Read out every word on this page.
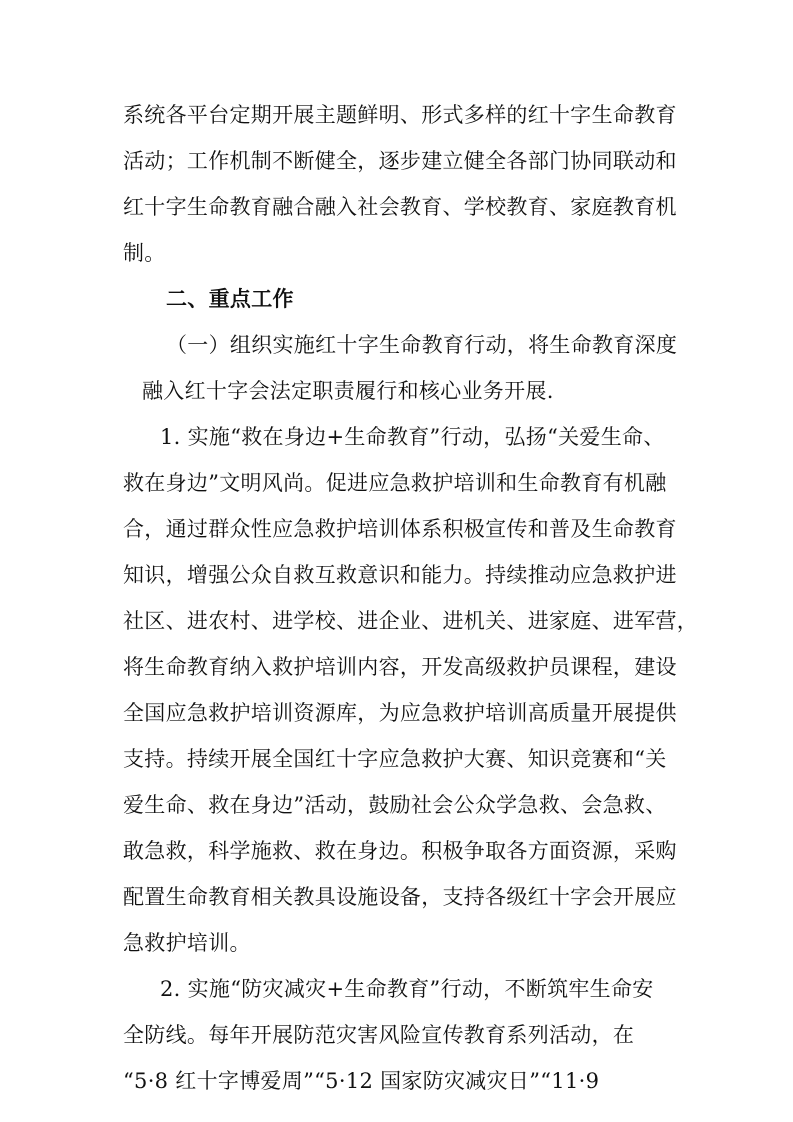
系统各平台定期开展主题鲜明、形式多样的红十字生命教育
活动；工作机制不断健全，逐步建立健全各部门协同联动和
红十字生命教育融合融入社会教育、学校教育、家庭教育机
制。
二、重点工作
（一）组织实施红十字生命教育行动，将生命教育深度
融入红十字会法定职责履行和核心业务开展.
1. 实施“救在身边+生命教育”行动，弘扬“关爱生命、
救在身边”文明风尚。促进应急救护培训和生命教育有机融
合，通过群众性应急救护培训体系积极宣传和普及生命教育
知识，增强公众自救互救意识和能力。持续推动应急救护进
社区、进农村、进学校、进企业、进机关、进家庭、进军营，
将生命教育纳入救护培训内容，开发高级救护员课程，建设
全国应急救护培训资源库，为应急救护培训高质量开展提供
支持。持续开展全国红十字应急救护大赛、知识竞赛和“关
爱生命、救在身边”活动，鼓励社会公众学急救、会急救、
敢急救，科学施救、救在身边。积极争取各方面资源，采购
配置生命教育相关教具设施设备，支持各级红十字会开展应
急救护培训。
2. 实施“防灾减灾+生命教育”行动，不断筑牢生命安
全防线。每年开展防范灾害风险宣传教育系列活动，在
“5·8 红十字博爱周”“5·12 国家防灾减灾日”“11·9
